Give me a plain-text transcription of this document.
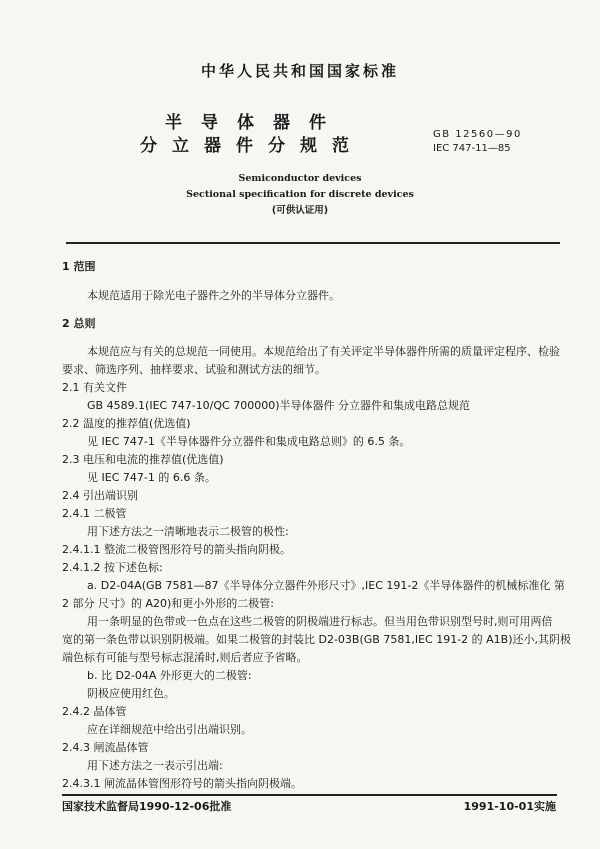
中华人民共和国国家标准
半导体器件
分立器件分规范
GB 12560—90
IEC 747-11—85
Semiconductor devices
Sectional specification for discrete devices
(可供认证用)
1 范围
本规范适用于除光电子器件之外的半导体分立器件。
2 总则
本规范应与有关的总规范一同使用。本规范给出了有关评定半导体器件所需的质量评定程序、检验
要求、筛选序列、抽样要求、试验和测试方法的细节。
2.1 有关文件
GB 4589.1(IEC 747-10/QC 700000)半导体器件 分立器件和集成电路总规范
2.2 温度的推荐值(优选值)
见 IEC 747-1《半导体器件分立器件和集成电路总则》的 6.5 条。
2.3 电压和电流的推荐值(优选值)
见 IEC 747-1 的 6.6 条。
2.4 引出端识别
2.4.1 二极管
用下述方法之一清晰地表示二极管的极性:
2.4.1.1 整流二极管图形符号的箭头指向阴极。
2.4.1.2 按下述色标:
a. D2-04A(GB 7581—87《半导体分立器件外形尺寸》,IEC 191-2《半导体器件的机械标准化 第
2 部分 尺寸》的 A20)和更小外形的二极管:
用一条明显的色带或一色点在这些二极管的阴极端进行标志。但当用色带识别型号时,则可用两倍
宽的第一条色带以识别阴极端。如果二极管的封装比 D2-03B(GB 7581,IEC 191-2 的 A1B)还小,其阴极
端色标有可能与型号标志混淆时,则后者应予省略。
b. 比 D2-04A 外形更大的二极管:
阴极应使用红色。
2.4.2 晶体管
应在详细规范中给出引出端识别。
2.4.3 闸流晶体管
用下述方法之一表示引出端:
2.4.3.1 闸流晶体管图形符号的箭头指向阴极端。
国家技术监督局1990-12-06批准	1991-10-01实施
